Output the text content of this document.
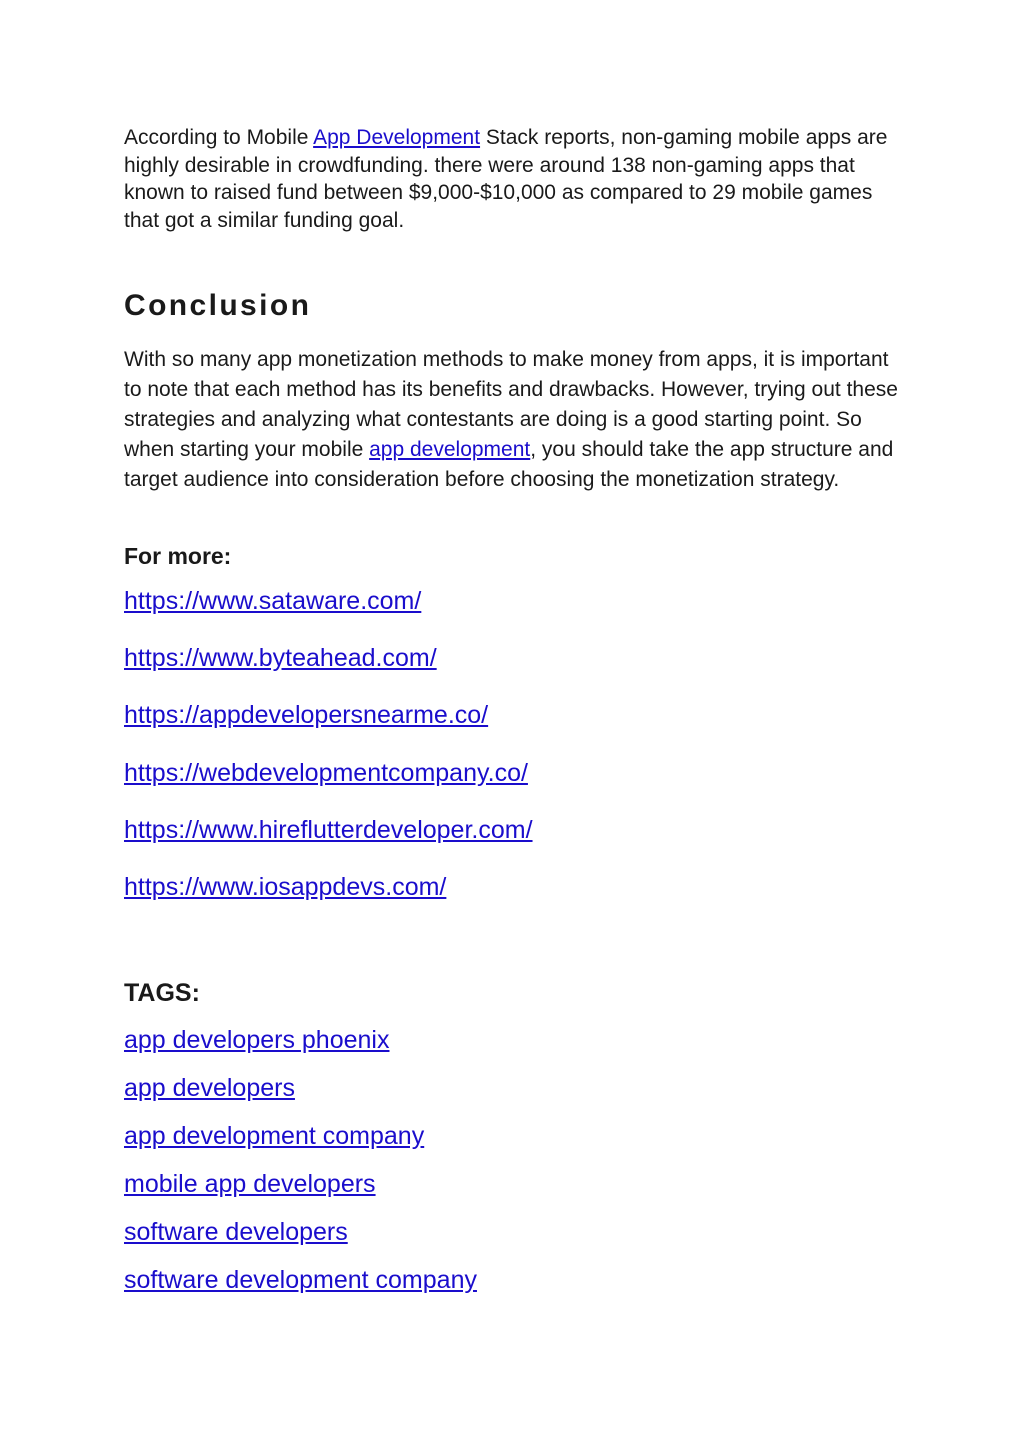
According to Mobile App Development Stack reports, non-gaming mobile apps are highly desirable in crowdfunding. there were around 138 non-gaming apps that known to raised fund between $9,000-$10,000 as compared to 29 mobile games that got a similar funding goal.

Conclusion

With so many app monetization methods to make money from apps, it is important to note that each method has its benefits and drawbacks. However, trying out these strategies and analyzing what contestants are doing is a good starting point. So when starting your mobile app development, you should take the app structure and target audience into consideration before choosing the monetization strategy.

For more:
https://www.sataware.com/
https://www.byteahead.com/
https://appdevelopersnearme.co/
https://webdevelopmentcompany.co/
https://www.hireflutterdeveloper.com/
https://www.iosappdevs.com/
TAGS:
app developers phoenix
app developers
app development company
mobile app developers
software developers
software development company
